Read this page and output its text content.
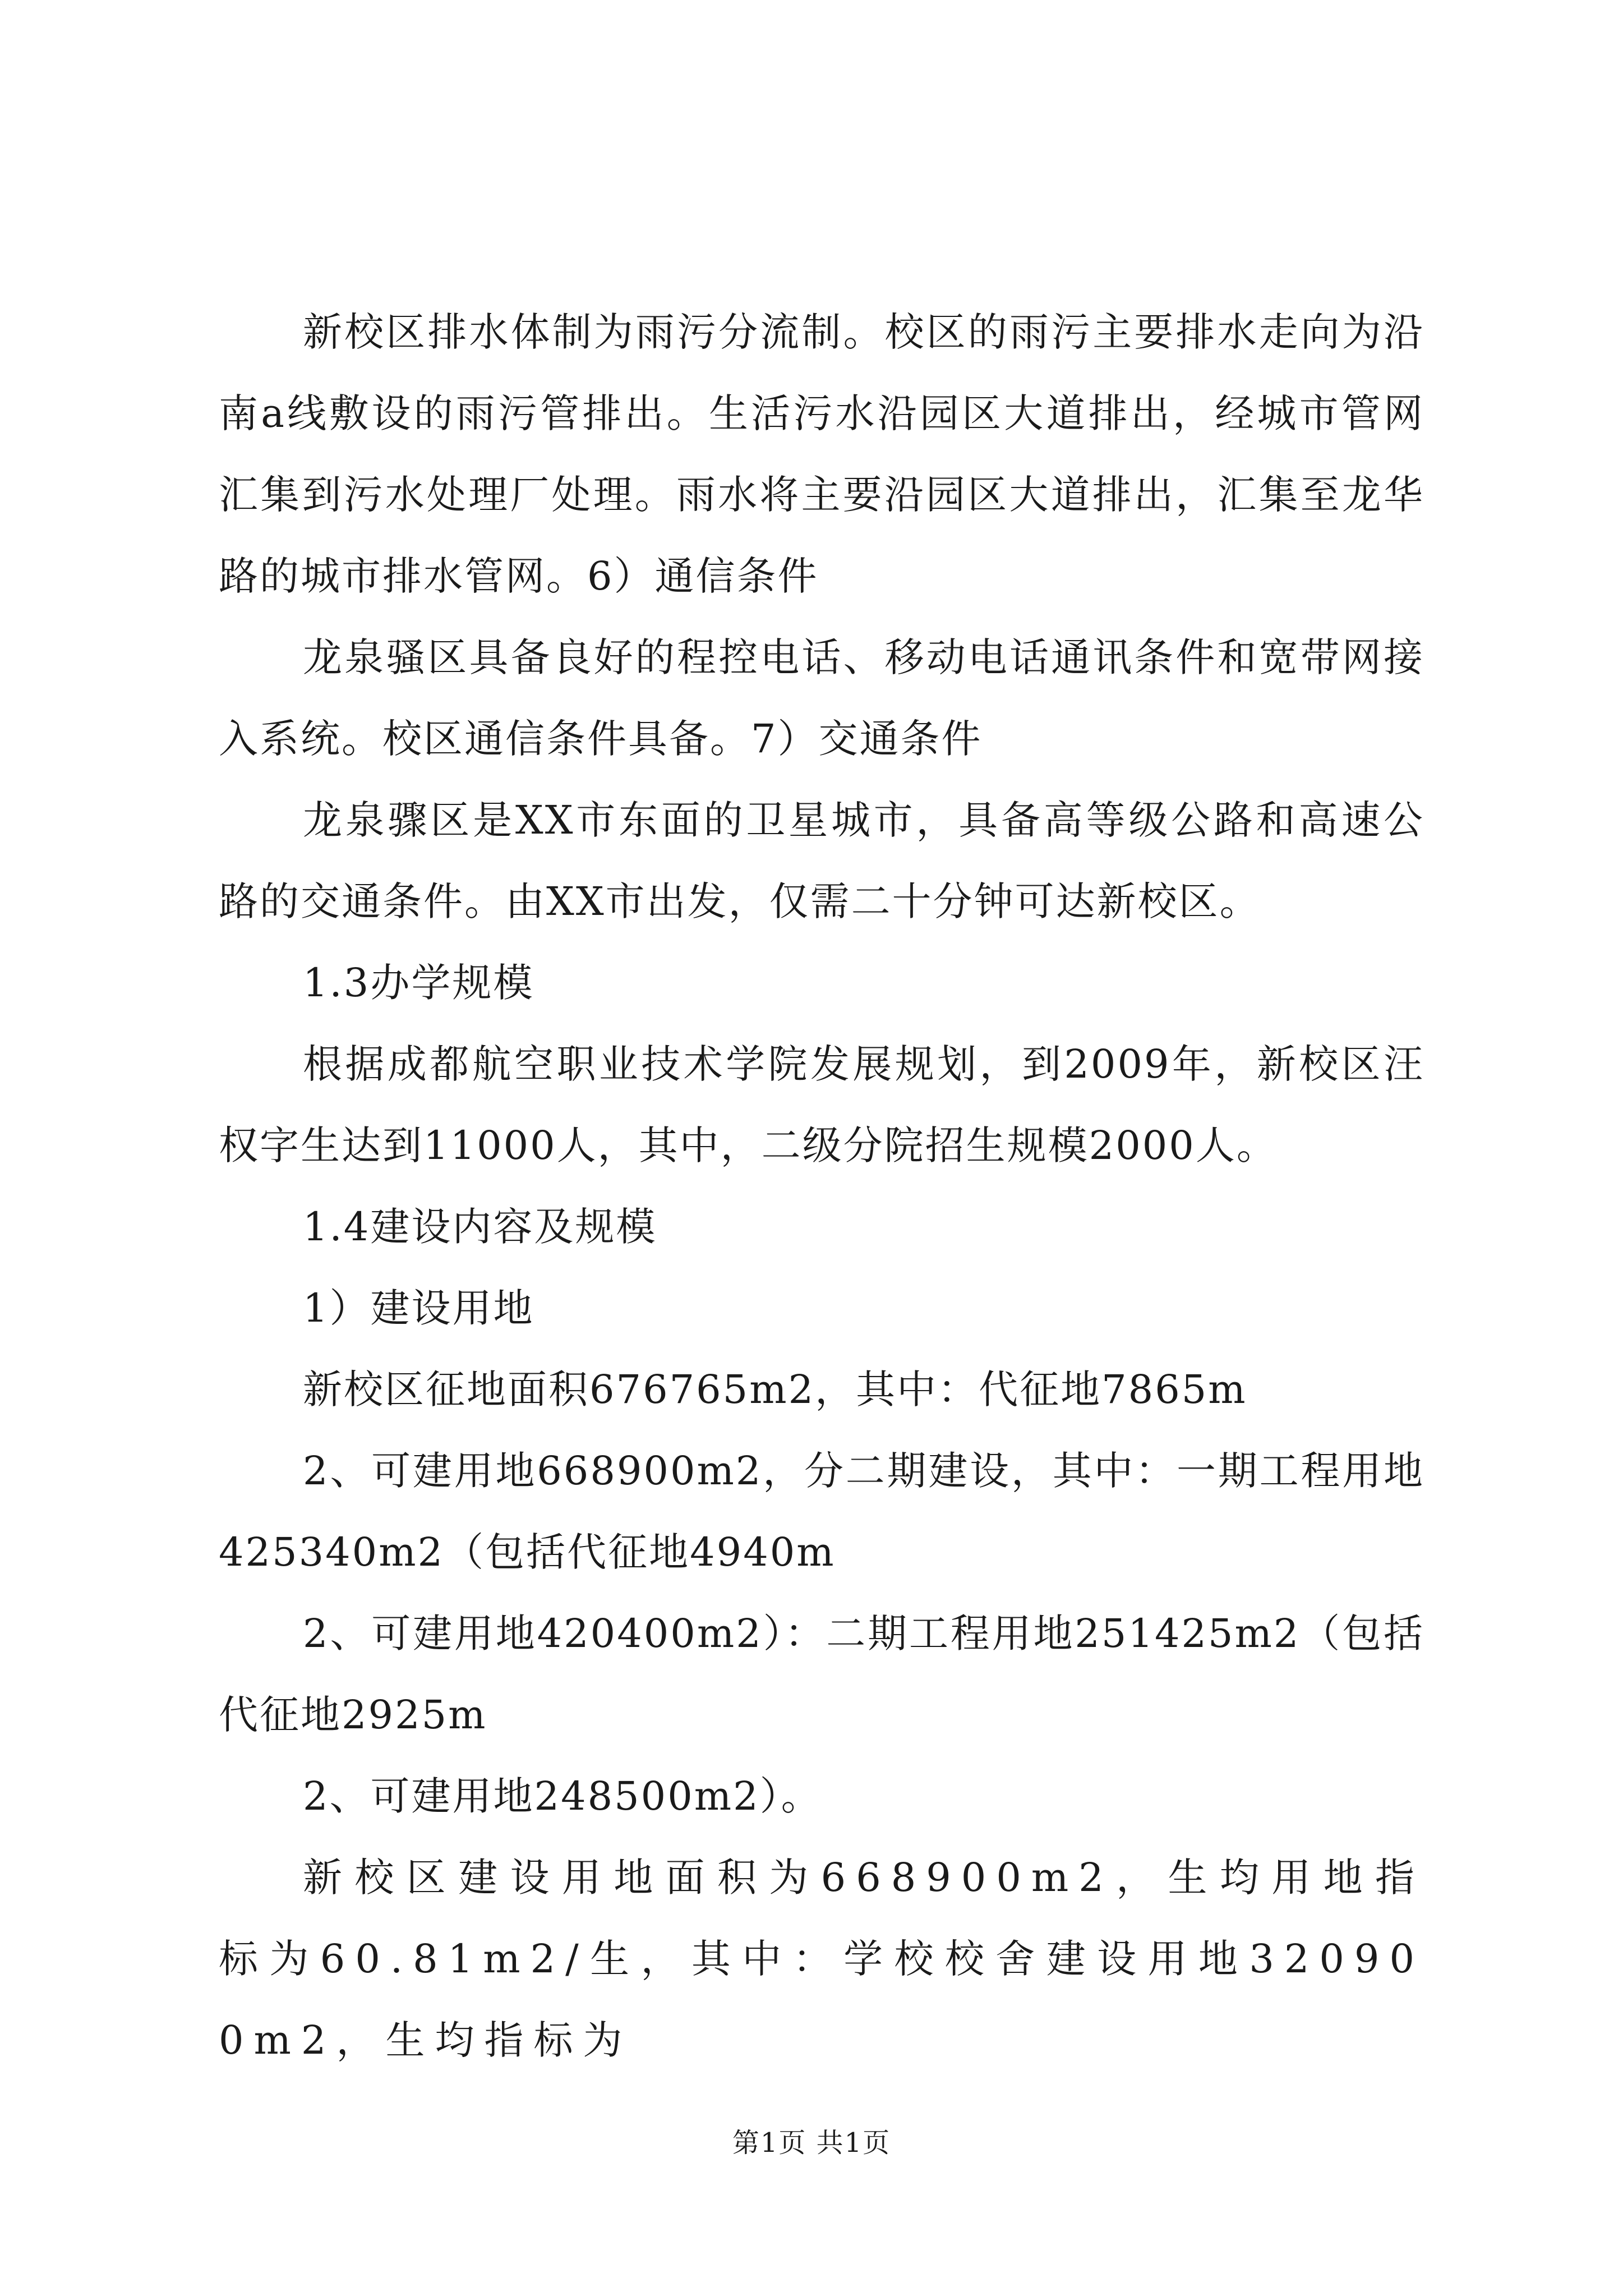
新校区排水体制为雨污分流制。校区的雨污主要排水走向为沿南a线敷设的雨污管排出。生活污水沿园区大道排出，经城市管网汇集到污水处理厂处理。雨水将主要沿园区大道排出，汇集至龙华路的城市排水管网。6）通信条件

龙泉骚区具备良好的程控电话、移动电话通讯条件和宽带网接入系统。校区通信条件具备。7）交通条件

龙泉骤区是XX市东面的卫星城市，具备高等级公路和高速公路的交通条件。由XX市出发，仅需二十分钟可达新校区。

1.3办学规模

根据成都航空职业技术学院发展规划，到2009年，新校区汪权字生达到11000人，其中，二级分院招生规模2000人。

1.4建设内容及规模

1）建设用地

新校区征地面积676765m2，其中：代征地7865m

2、可建用地668900m2，分二期建设，其中：一期工程用地425340m2（包括代征地4940m

2、可建用地420400m2）：二期工程用地251425m2（包括代征地2925m

2、可建用地248500m2）。

新校区建设用地面积为668900m2，生均用地指标为60.81m2/生，其中：学校校舍建设用地320900m2，生均指标为

第1页 共1页
